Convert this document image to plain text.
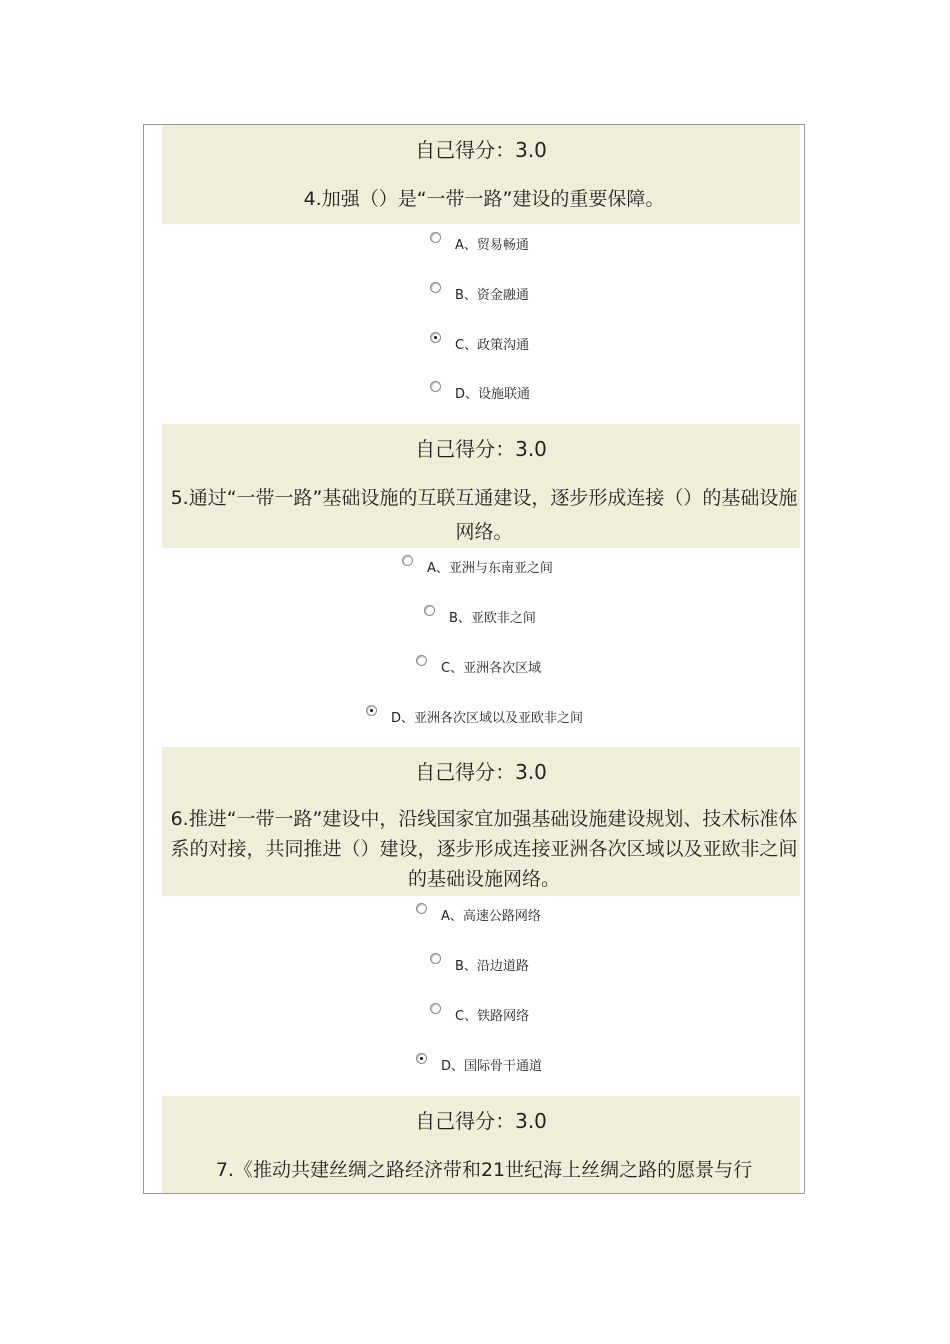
自己得分：3.0
4.加强（）是“一带一路”建设的重要保障。
A、贸易畅通
B、资金融通
C、政策沟通
D、设施联通
自己得分：3.0
5.通过“一带一路”基础设施的互联互通建设，逐步形成连接（）的基础设施网络。
A、亚洲与东南亚之间
B、亚欧非之间
C、亚洲各次区域
D、亚洲各次区域以及亚欧非之间
自己得分：3.0
6.推进“一带一路”建设中，沿线国家宜加强基础设施建设规划、技术标准体系的对接，共同推进（）建设，逐步形成连接亚洲各次区域以及亚欧非之间的基础设施网络。
A、高速公路网络
B、沿边道路
C、铁路网络
D、国际骨干通道
自己得分：3.0
7.《推动共建丝绸之路经济带和21世纪海上丝绸之路的愿景与行
